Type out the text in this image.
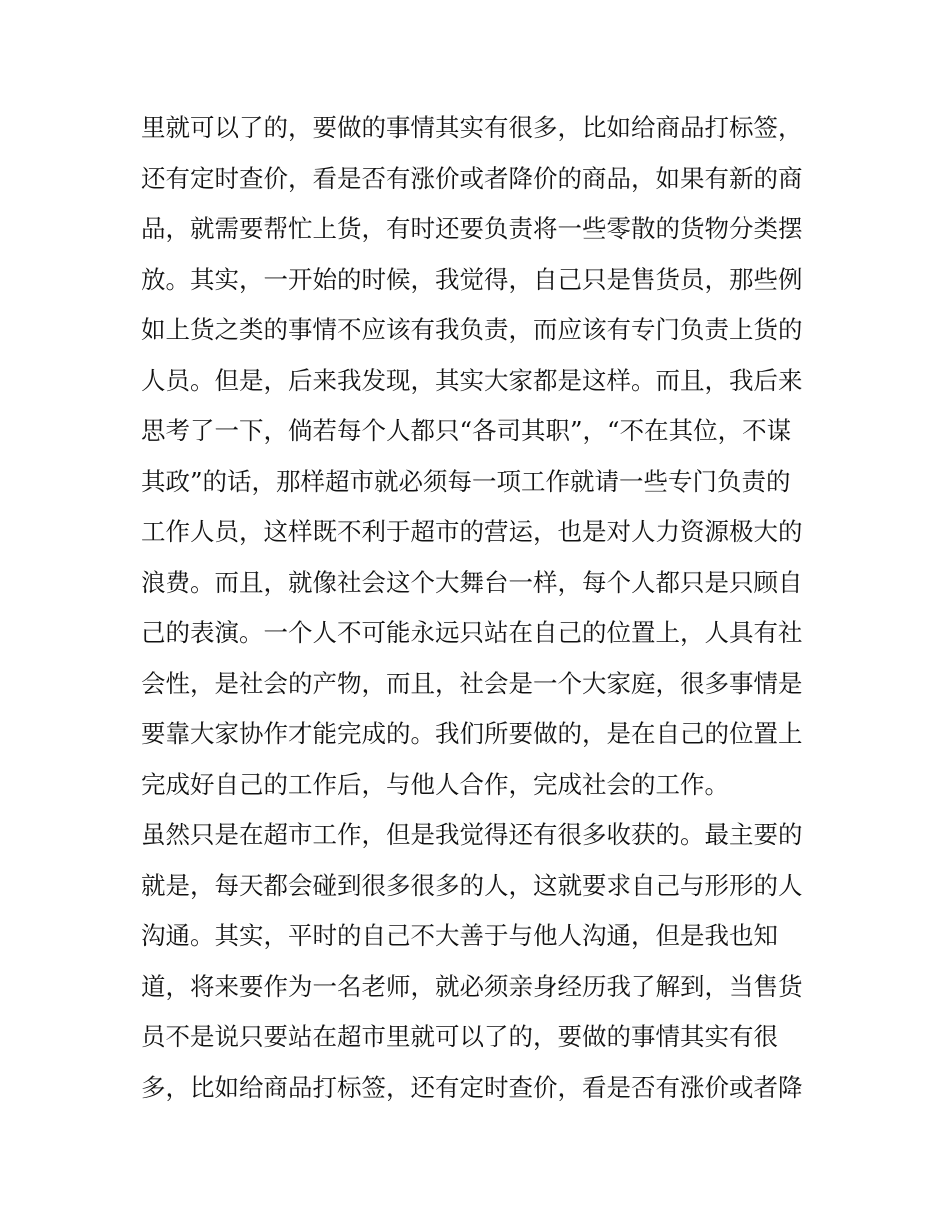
里就可以了的，要做的事情其实有很多，比如给商品打标签，
还有定时查价，看是否有涨价或者降价的商品，如果有新的商
品，就需要帮忙上货，有时还要负责将一些零散的货物分类摆
放。其实，一开始的时候，我觉得，自己只是售货员，那些例
如上货之类的事情不应该有我负责，而应该有专门负责上货的
人员。但是，后来我发现，其实大家都是这样。而且，我后来
思考了一下，倘若每个人都只“各司其职”，“不在其位，不谋
其政”的话，那样超市就必须每一项工作就请一些专门负责的
工作人员，这样既不利于超市的营运，也是对人力资源极大的
浪费。而且，就像社会这个大舞台一样，每个人都只是只顾自
己的表演。一个人不可能永远只站在自己的位置上，人具有社
会性，是社会的产物，而且，社会是一个大家庭，很多事情是
要靠大家协作才能完成的。我们所要做的，是在自己的位置上
完成好自己的工作后，与他人合作，完成社会的工作。
虽然只是在超市工作，但是我觉得还有很多收获的。最主要的
就是，每天都会碰到很多很多的人，这就要求自己与形形的人
沟通。其实，平时的自己不大善于与他人沟通，但是我也知
道，将来要作为一名老师，就必须亲身经历我了解到，当售货
员不是说只要站在超市里就可以了的，要做的事情其实有很
多，比如给商品打标签，还有定时查价，看是否有涨价或者降
